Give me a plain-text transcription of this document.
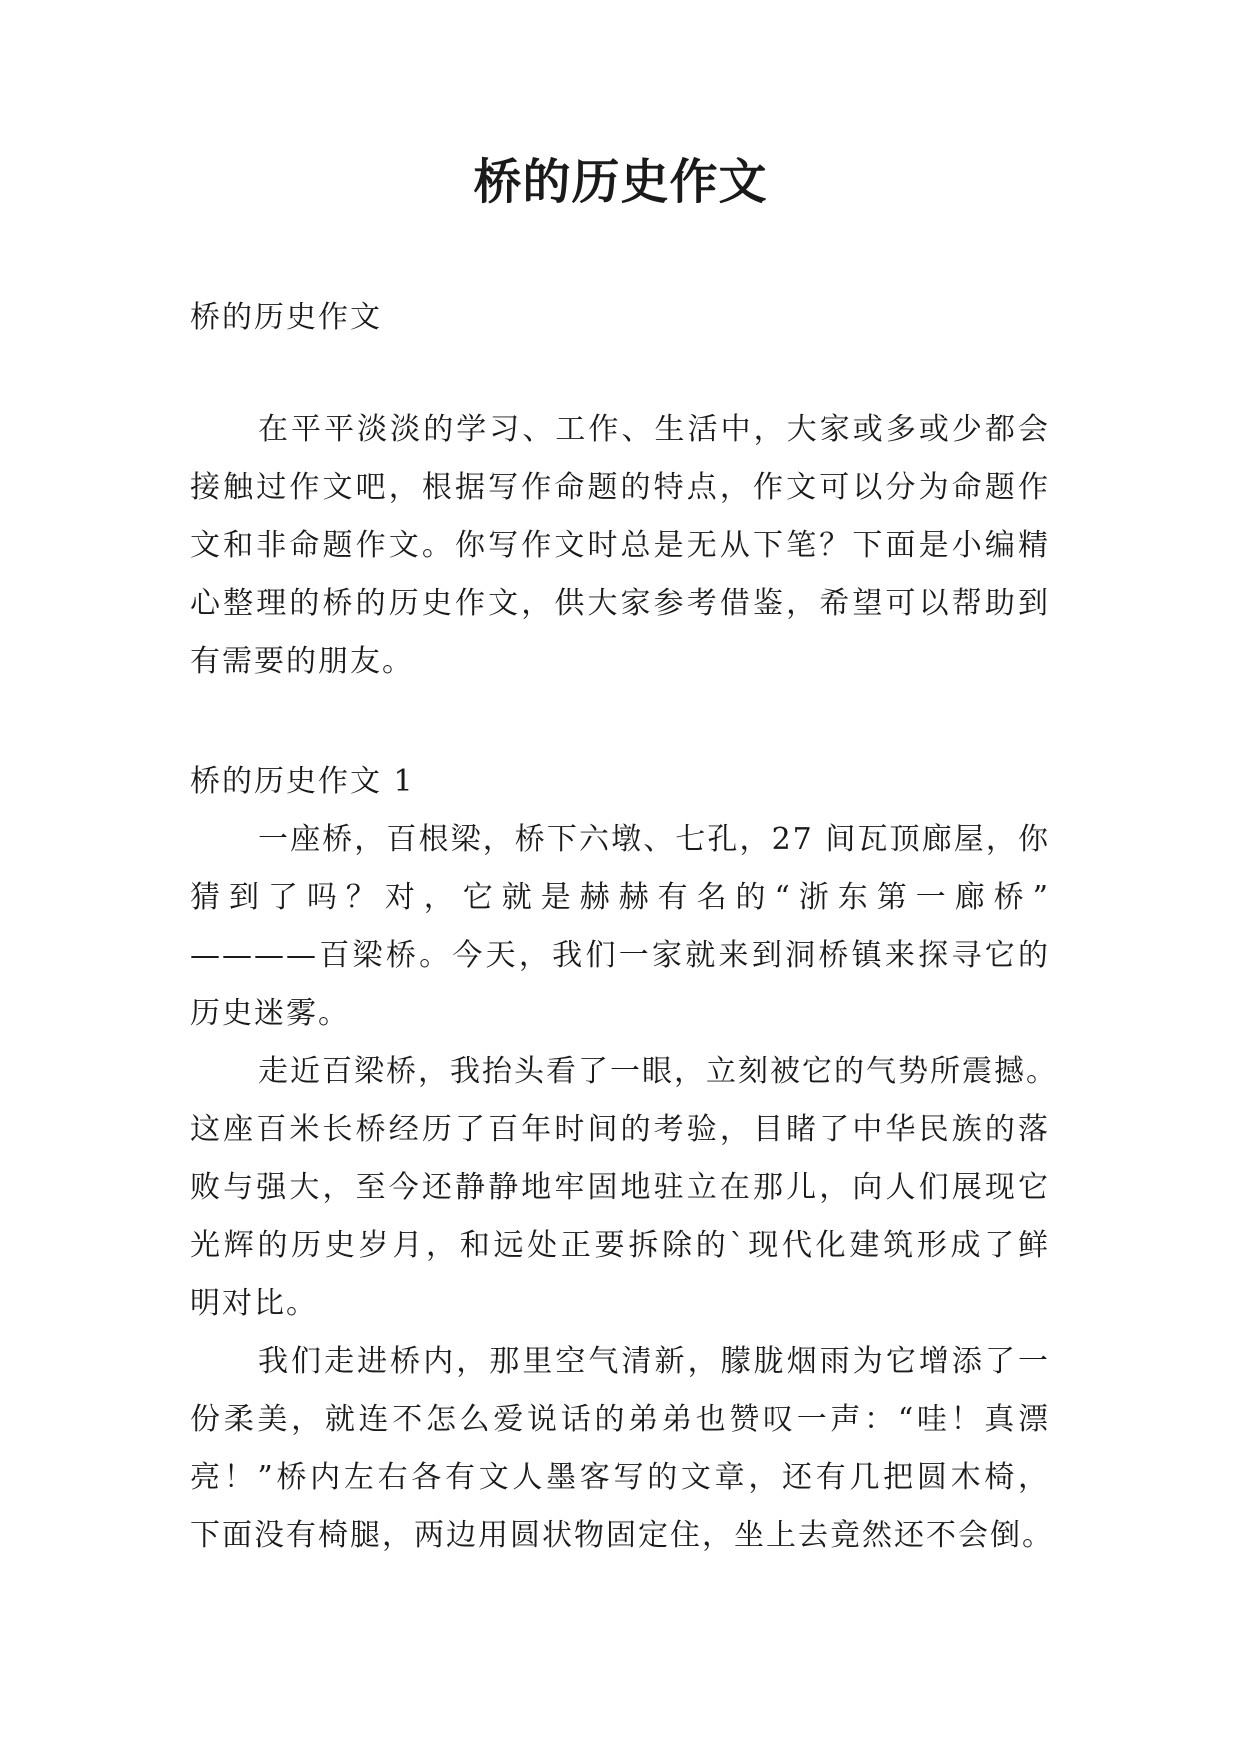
桥的历史作文
桥的历史作文
在平平淡淡的学习、工作、生活中，大家或多或少都会
接触过作文吧，根据写作命题的特点，作文可以分为命题作
文和非命题作文。你写作文时总是无从下笔？下面是小编精
心整理的桥的历史作文，供大家参考借鉴，希望可以帮助到
有需要的朋友。
桥的历史作文 1
一座桥，百根梁，桥下六墩、七孔，27 间瓦顶廊屋，你
猜到了吗？对，它就是赫赫有名的“浙东第一廊桥”
————百梁桥。今天，我们一家就来到洞桥镇来探寻它的
历史迷雾。
走近百梁桥，我抬头看了一眼，立刻被它的气势所震撼。
这座百米长桥经历了百年时间的考验，目睹了中华民族的落
败与强大，至今还静静地牢固地驻立在那儿，向人们展现它
光辉的历史岁月，和远处正要拆除的`现代化建筑形成了鲜
明对比。
我们走进桥内，那里空气清新，朦胧烟雨为它增添了一
份柔美，就连不怎么爱说话的弟弟也赞叹一声：“哇！真漂
亮！”桥内左右各有文人墨客写的文章，还有几把圆木椅，
下面没有椅腿，两边用圆状物固定住，坐上去竟然还不会倒。
